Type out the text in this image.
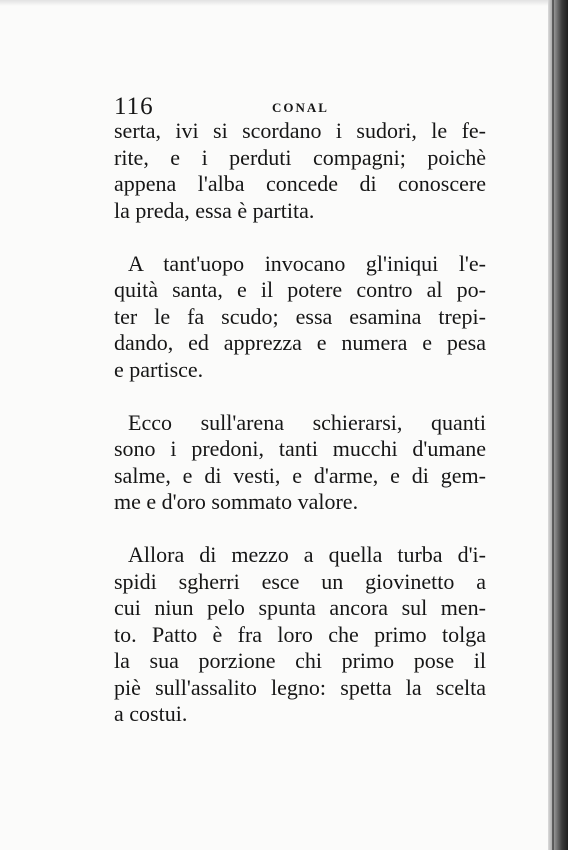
116	CONAL
serta, ivi si scordano i sudori, le fe-
rite, e i perduti compagni; poichè
appena l'alba concede di conoscere
la preda, essa è partita.
A tant'uopo invocano gl'iniqui l'e-
quità santa, e il potere contro al po-
ter le fa scudo; essa esamina trepi-
dando, ed apprezza e numera e pesa
e partisce.
Ecco sull'arena schierarsi, quanti
sono i predoni, tanti mucchi d'umane
salme, e di vesti, e d'arme, e di gem-
me e d'oro sommato valore.
Allora di mezzo a quella turba d'i-
spidi sgherri esce un giovinetto a
cui niun pelo spunta ancora sul men-
to. Patto è fra loro che primo tolga
la sua porzione chi primo pose il
piè sull'assalito legno: spetta la scelta
a costui.
